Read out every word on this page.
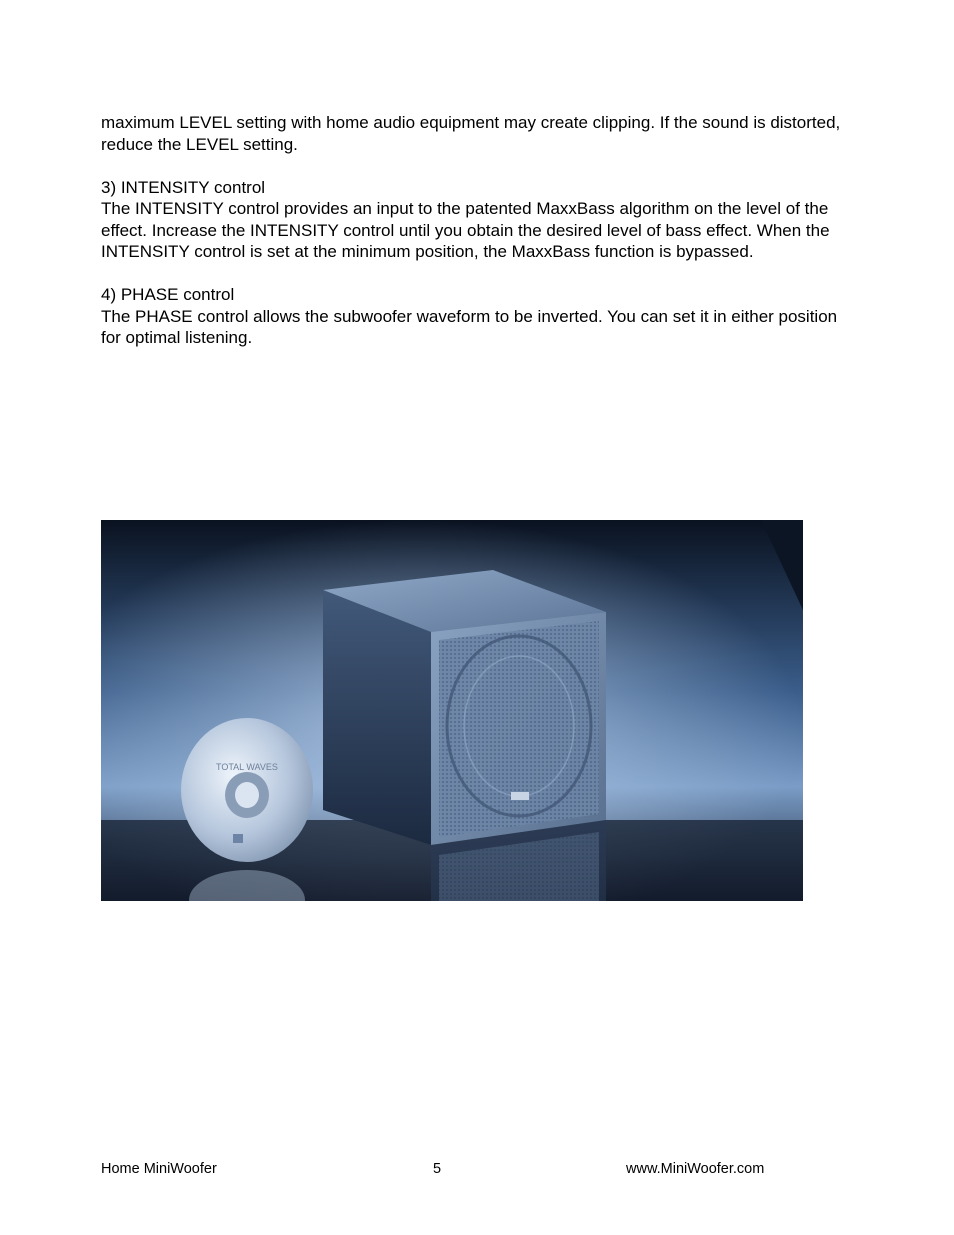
maximum LEVEL setting with home audio equipment may create clipping. If the sound is distorted, reduce the LEVEL setting.

3) INTENSITY control

The INTENSITY control provides an input to the patented MaxxBass algorithm on the level of the effect. Increase the INTENSITY control until you obtain the desired level of bass effect. When the INTENSITY control is set at the minimum position, the MaxxBass function is bypassed.

4) PHASE control

The PHASE control allows the subwoofer waveform to be inverted. You can set it in either position for optimal listening.

TOTAL WAVES
Home MiniWoofer	5	www.MiniWoofer.com
